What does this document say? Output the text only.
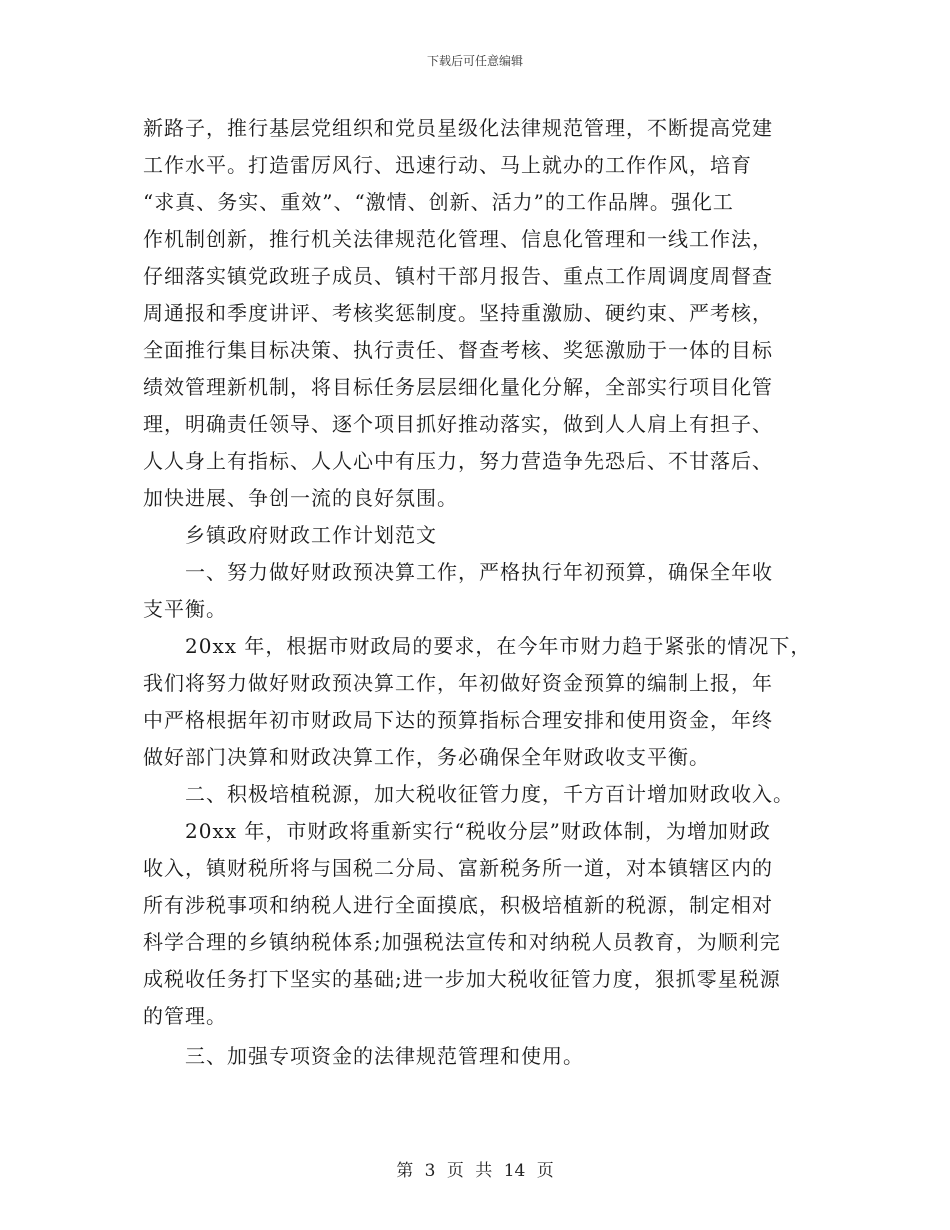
下载后可任意编辑
新路子，推行基层党组织和党员星级化法律规范管理，不断提高党建
工作水平。打造雷厉风行、迅速行动、马上就办的工作作风，培育
“求真、务实、重效”、“激情、创新、活力”的工作品牌。强化工
作机制创新，推行机关法律规范化管理、信息化管理和一线工作法，
仔细落实镇党政班子成员、镇村干部月报告、重点工作周调度周督查
周通报和季度讲评、考核奖惩制度。坚持重激励、硬约束、严考核，
全面推行集目标决策、执行责任、督查考核、奖惩激励于一体的目标
绩效管理新机制，将目标任务层层细化量化分解，全部实行项目化管
理，明确责任领导、逐个项目抓好推动落实，做到人人肩上有担子、
人人身上有指标、人人心中有压力，努力营造争先恐后、不甘落后、
加快进展、争创一流的良好氛围。
　　乡镇政府财政工作计划范文
　　一、努力做好财政预决算工作，严格执行年初预算，确保全年收
支平衡。
　　20xx 年，根据市财政局的要求，在今年市财力趋于紧张的情况下，
我们将努力做好财政预决算工作，年初做好资金预算的编制上报，年
中严格根据年初市财政局下达的预算指标合理安排和使用资金，年终
做好部门决算和财政决算工作，务必确保全年财政收支平衡。
　　二、积极培植税源，加大税收征管力度，千方百计增加财政收入。
　　20xx 年，市财政将重新实行“税收分层”财政体制，为增加财政
收入，镇财税所将与国税二分局、富新税务所一道，对本镇辖区内的
所有涉税事项和纳税人进行全面摸底，积极培植新的税源，制定相对
科学合理的乡镇纳税体系;加强税法宣传和对纳税人员教育，为顺利完
成税收任务打下坚实的基础;进一步加大税收征管力度，狠抓零星税源
的管理。
　　三、加强专项资金的法律规范管理和使用。
第 3 页 共 14 页
